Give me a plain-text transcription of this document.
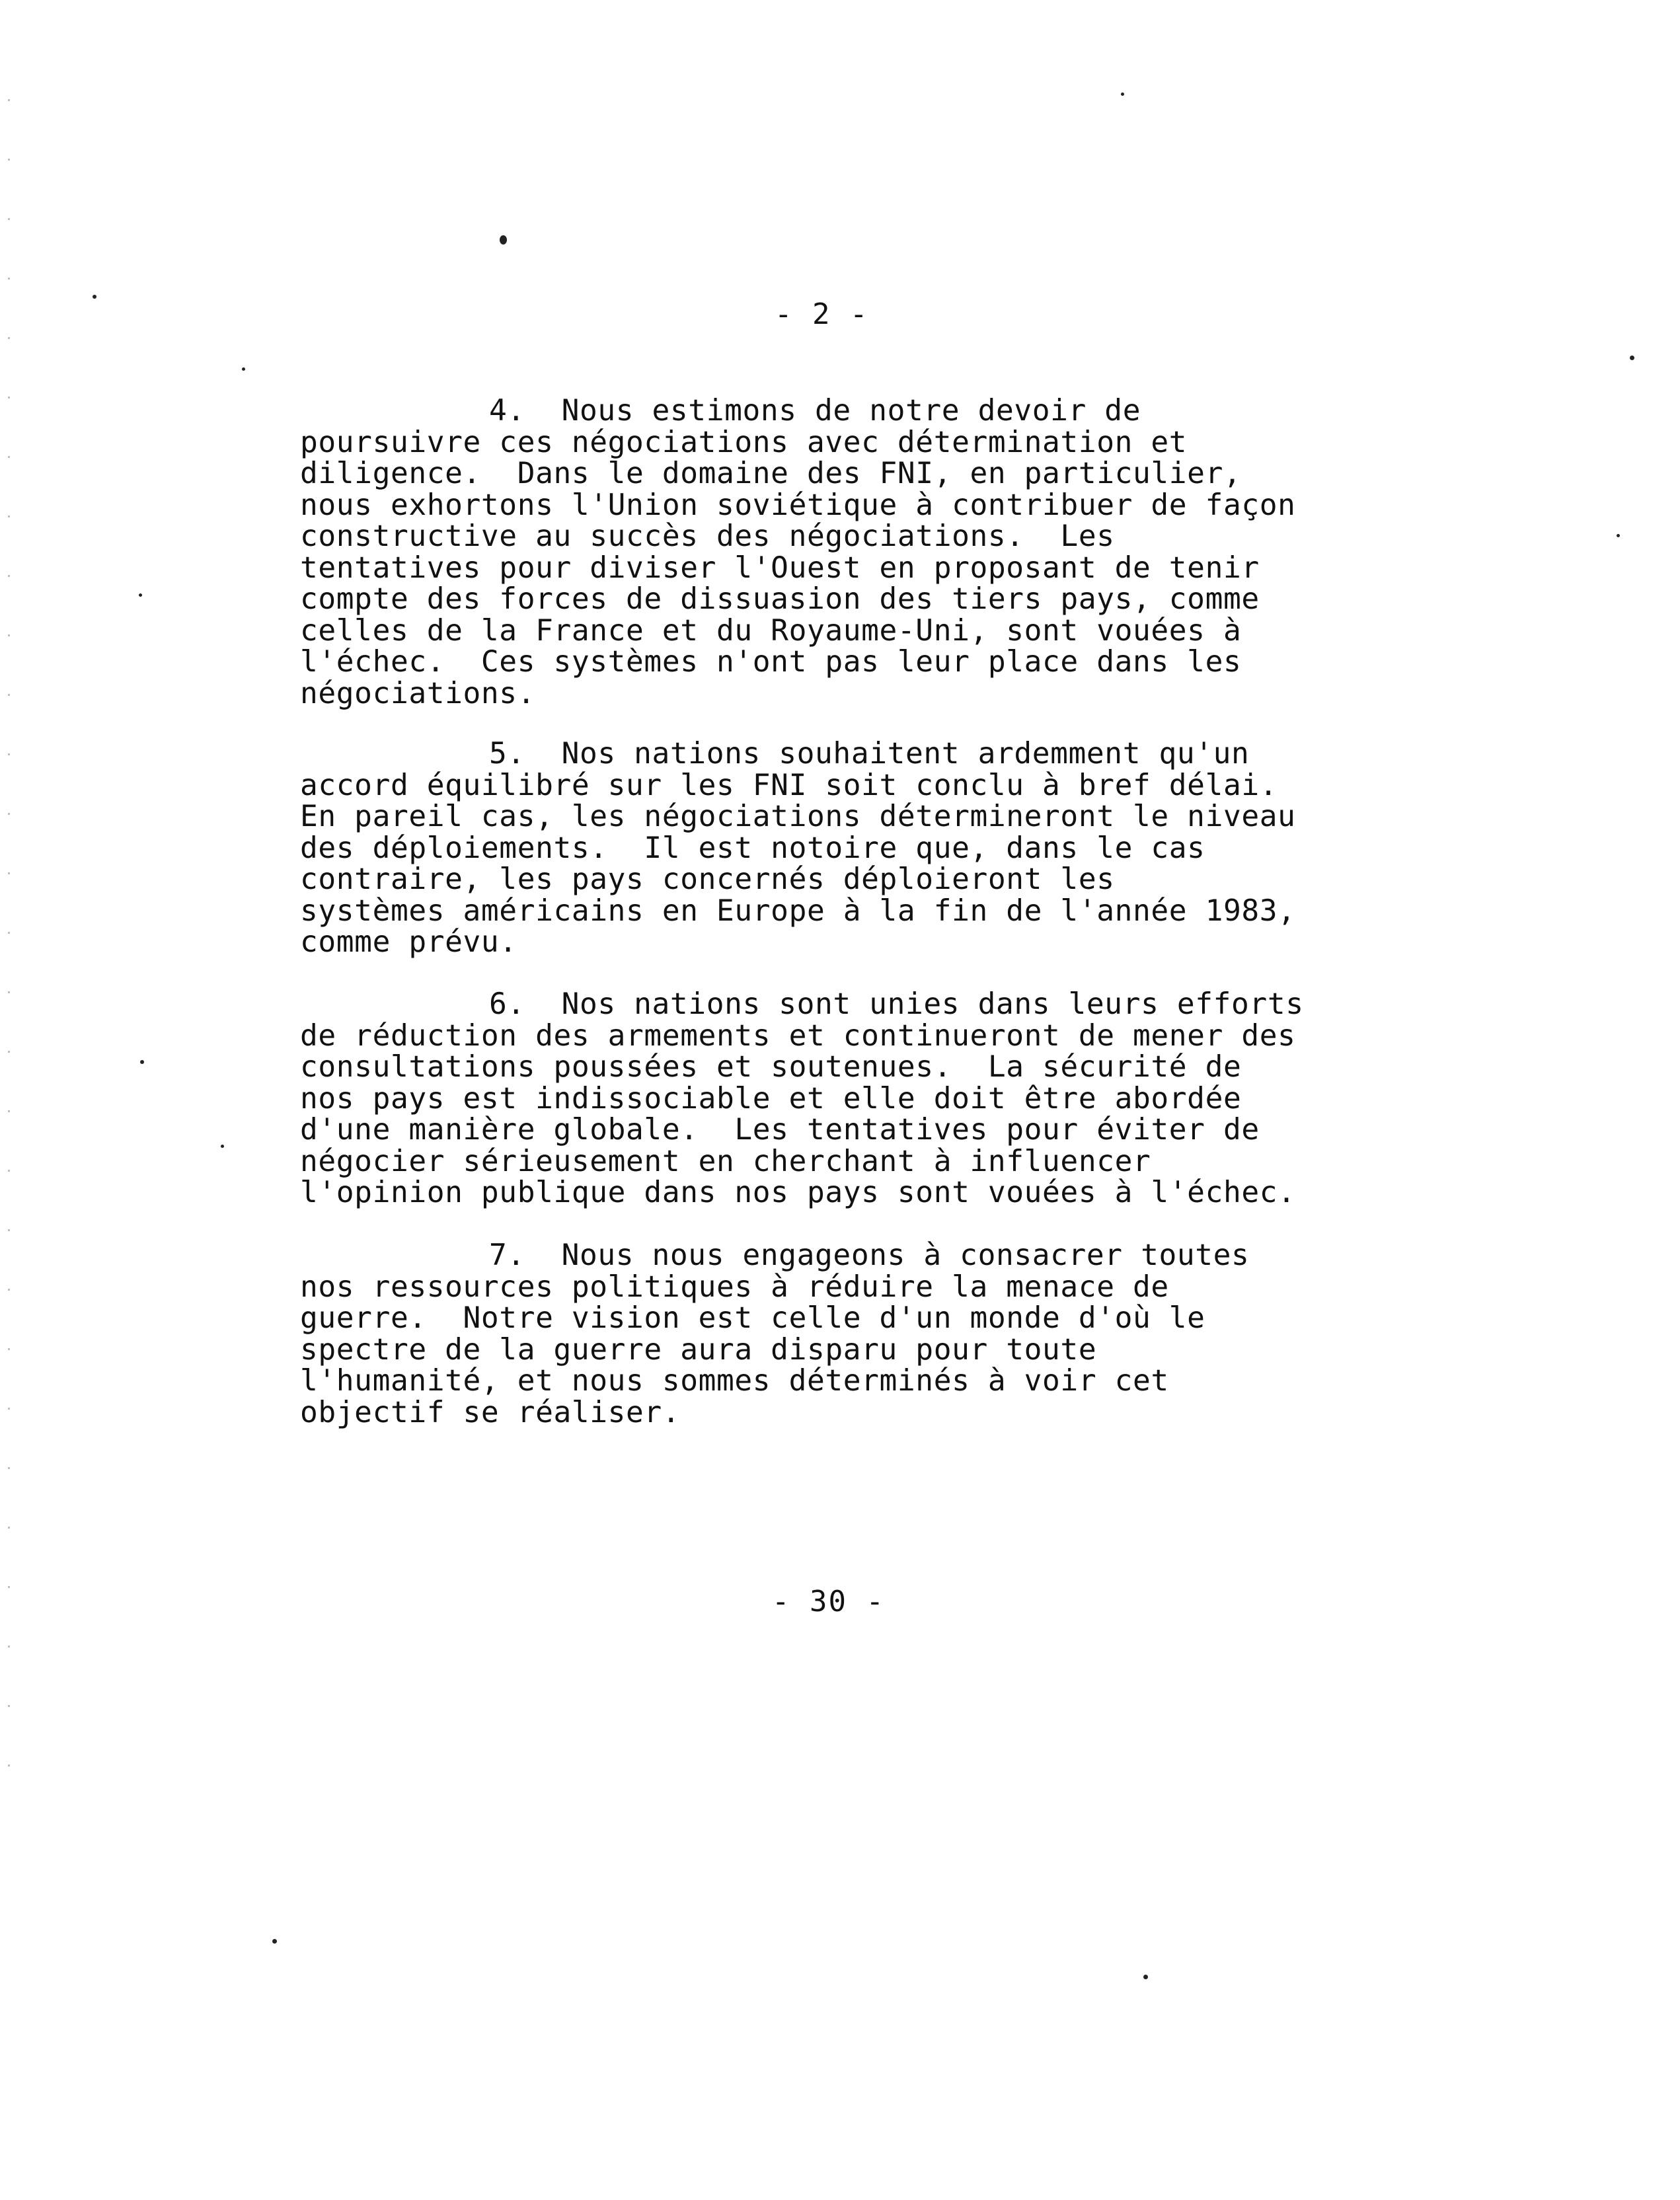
- 2 -
4.  Nous estimons de notre devoir de
poursuivre ces négociations avec détermination et
diligence.  Dans le domaine des FNI, en particulier,
nous exhortons l'Union soviétique à contribuer de façon
constructive au succès des négociations.  Les
tentatives pour diviser l'Ouest en proposant de tenir
compte des forces de dissuasion des tiers pays, comme
celles de la France et du Royaume-Uni, sont vouées à
l'échec.  Ces systèmes n'ont pas leur place dans les
négociations.
5.  Nos nations souhaitent ardemment qu'un
accord équilibré sur les FNI soit conclu à bref délai.
En pareil cas, les négociations détermineront le niveau
des déploiements.  Il est notoire que, dans le cas
contraire, les pays concernés déploieront les
systèmes américains en Europe à la fin de l'année 1983,
comme prévu.
6.  Nos nations sont unies dans leurs efforts
de réduction des armements et continueront de mener des
consultations poussées et soutenues.  La sécurité de
nos pays est indissociable et elle doit être abordée
d'une manière globale.  Les tentatives pour éviter de
négocier sérieusement en cherchant à influencer
l'opinion publique dans nos pays sont vouées à l'échec.
7.  Nous nous engageons à consacrer toutes
nos ressources politiques à réduire la menace de
guerre.  Notre vision est celle d'un monde d'où le
spectre de la guerre aura disparu pour toute
l'humanité, et nous sommes déterminés à voir cet
objectif se réaliser.
- 30 -
